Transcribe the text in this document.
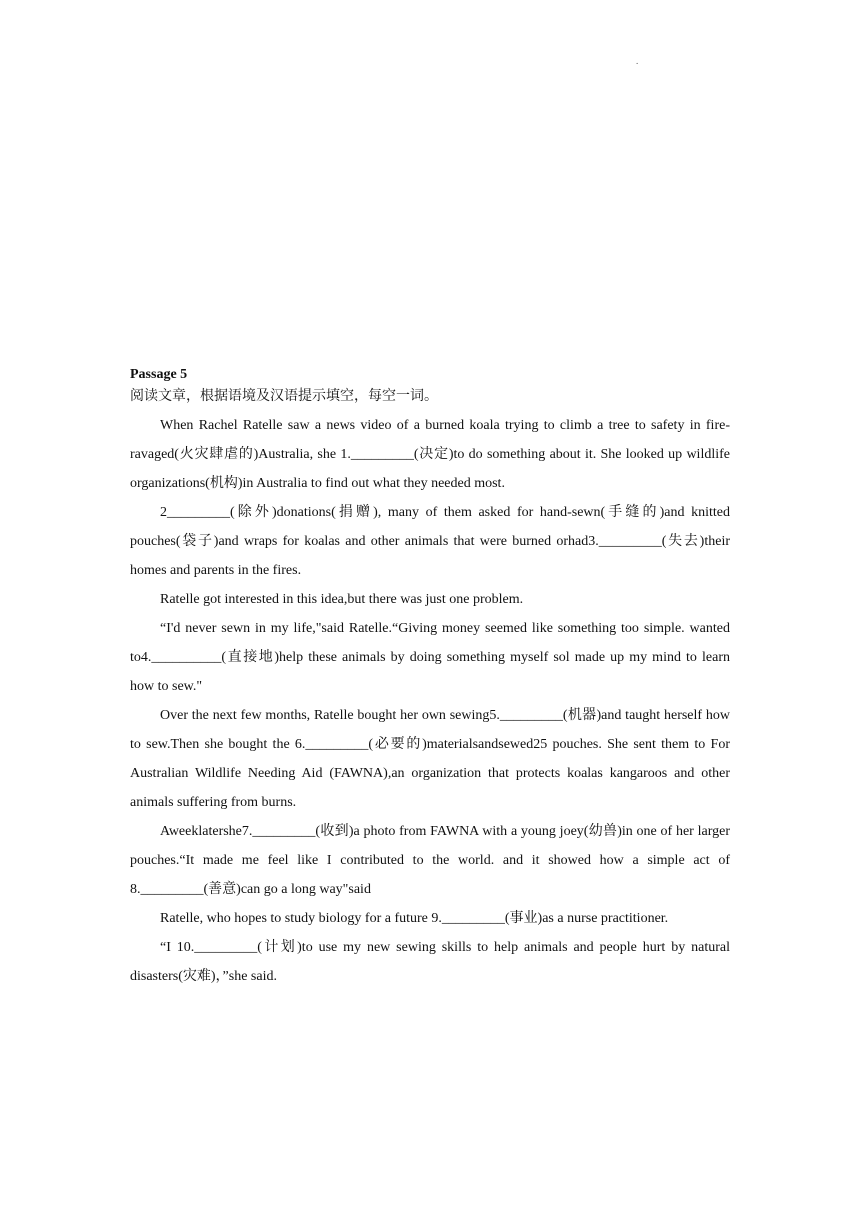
.

Passage 5

阅读文章，根据语境及汉语提示填空，每空一词。

When Rachel Ratelle saw a news video of a burned koala trying to climb a tree to safety in fire-ravaged(火灾肆虐的)Australia, she 1._________(决定)to do something about it. She looked up wildlife organizations(机构)in Australia to find out what they needed most.

2_________(除外)donations(捐赠), many of them asked for hand-sewn(手缝的)and knitted pouches(袋子)and wraps for koalas and other animals that were burned orhad3._________(失去)their homes and parents in the fires.

Ratelle got interested in this idea,but there was just one problem.

“I'd never sewn in my life,"said Ratelle.“Giving money seemed like something too simple. wanted to4.__________(直接地)help these animals by doing something myself sol made up my mind to learn how to sew."

Over the next few months, Ratelle bought her own sewing5._________(机器)and taught herself how to sew.Then she bought the 6._________(必要的)materialsandsewed25 pouches. She sent them to For Australian Wildlife Needing Aid (FAWNA),an organization that protects koalas kangaroos and other animals suffering from burns.

Aweeklatershe7._________(收到)a photo from FAWNA with a young joey(幼兽)in one of her larger pouches.“It made me feel like I contributed to the world. and it showed how a simple act of 8._________(善意)can go a long way"said

Ratelle, who hopes to study biology for a future 9._________(事业)as a nurse practitioner.

“I 10._________(计划)to use my new sewing skills to help animals and people hurt by natural disasters(灾难)，”she said.
